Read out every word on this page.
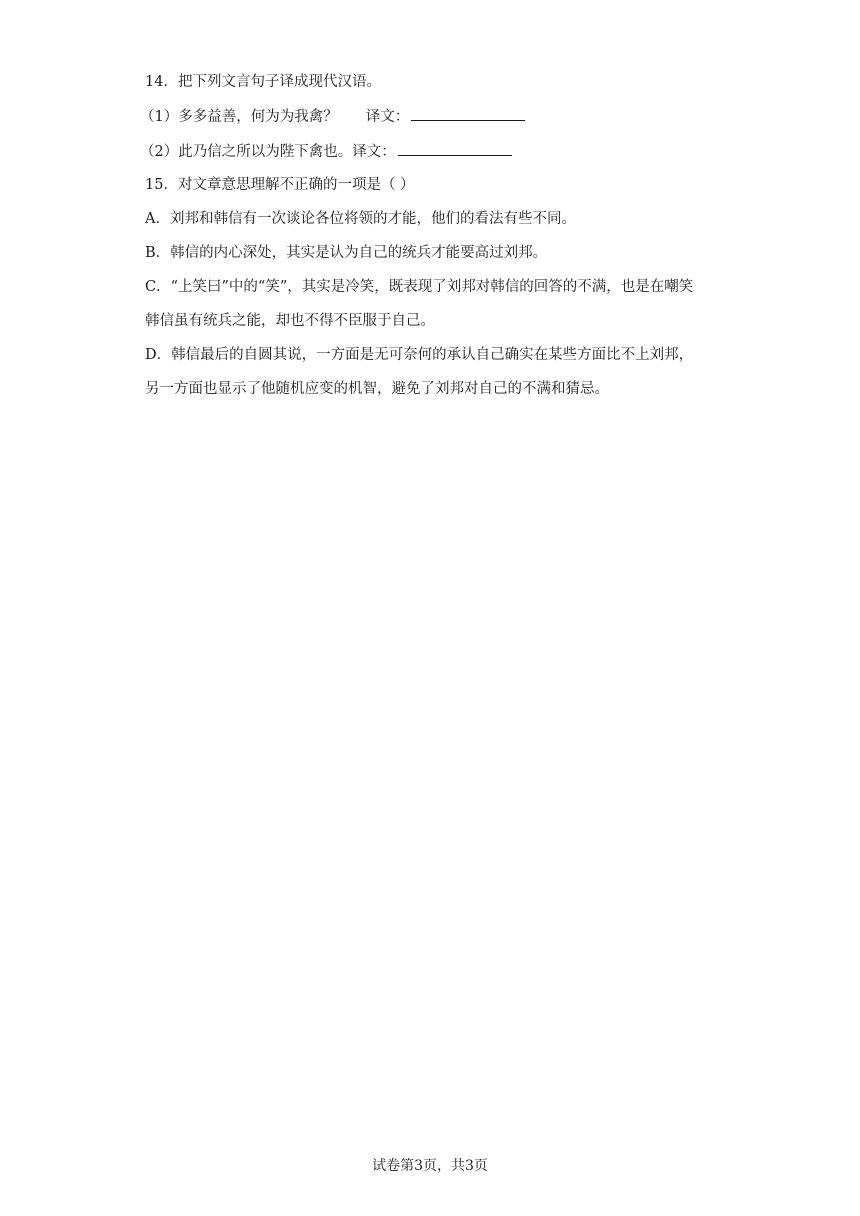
14．把下列文言句子译成现代汉语。
（1）多多益善，何为为我禽？ 译文：
（2）此乃信之所以为陛下禽也。译文：
15．对文章意思理解不正确的一项是（ ）
A．刘邦和韩信有一次谈论各位将领的才能，他们的看法有些不同。
B．韩信的内心深处，其实是认为自己的统兵才能要高过刘邦。
C．“上笑曰”中的“笑”，其实是冷笑，既表现了刘邦对韩信的回答的不满，也是在嘲笑
韩信虽有统兵之能，却也不得不臣服于自己。
D．韩信最后的自圆其说，一方面是无可奈何的承认自己确实在某些方面比不上刘邦，
另一方面也显示了他随机应变的机智，避免了刘邦对自己的不满和猜忌。
试卷第3页，共3页
